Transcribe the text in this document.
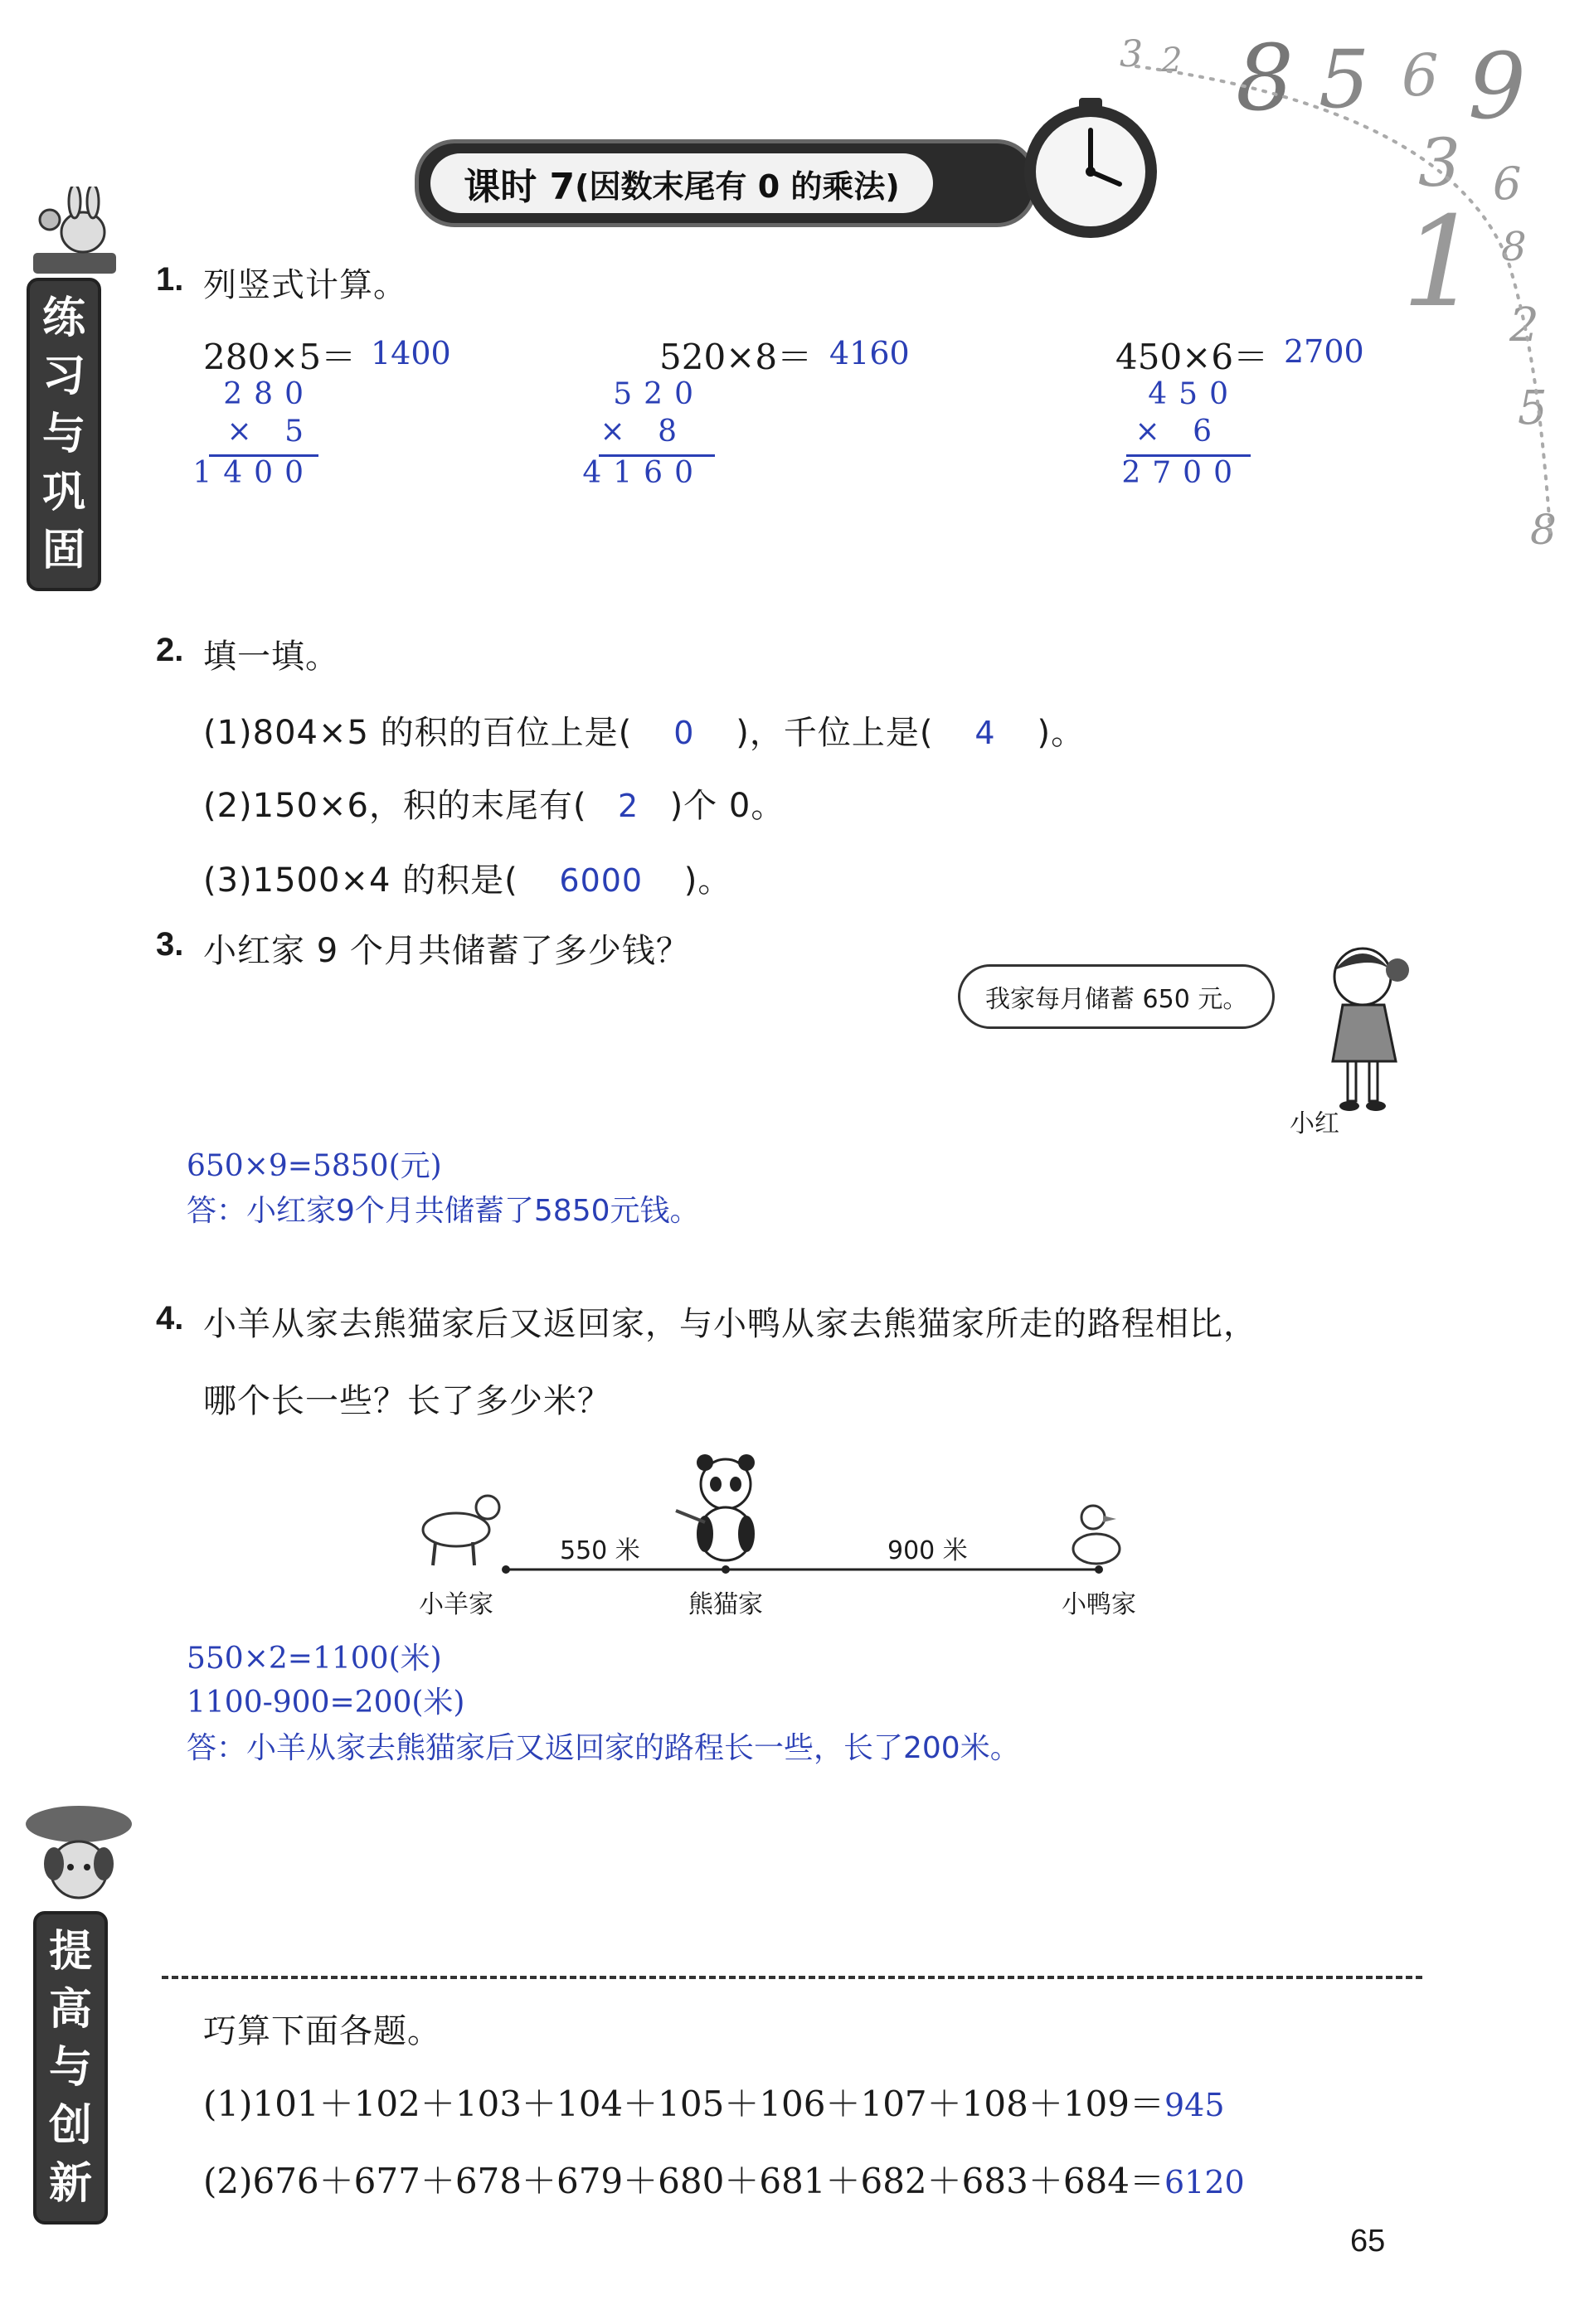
3 2 8 5 6 9
3 6
1 8
2
5
8
课时 7 (因数末尾有 0 的乘法)
练
习
与
巩
固
1. 列竖式计算。
280×5＝ 1400
280
× 5
1400
520×8＝ 4160
520
× 8
4160
450×6＝ 2700
450
× 6
2700
2. 填一填。
(1)804×5 的积的百位上是( 0 )，千位上是( 4 )。
(2)150×6，积的末尾有( 2 )个 0。
(3)1500×4 的积是( 6000 )。
3. 小红家 9 个月共储蓄了多少钱？
我家每月储蓄 650 元。
小红
650×9=5850(元)
答：小红家9个月共储蓄了5850元钱。
4. 小羊从家去熊猫家后又返回家，与小鸭从家去熊猫家所走的路程相比，
哪个长一些？长了多少米？
550 米	900 米
小羊家	熊猫家	小鸭家
550×2=1100(米)
1100-900=200(米)
答：小羊从家去熊猫家后又返回家的路程长一些，长了200米。
提
高
与
创
新
巧算下面各题。
(1)101＋102＋103＋104＋105＋106＋107＋108＋109＝945
(2)676＋677＋678＋679＋680＋681＋682＋683＋684＝6120
65
